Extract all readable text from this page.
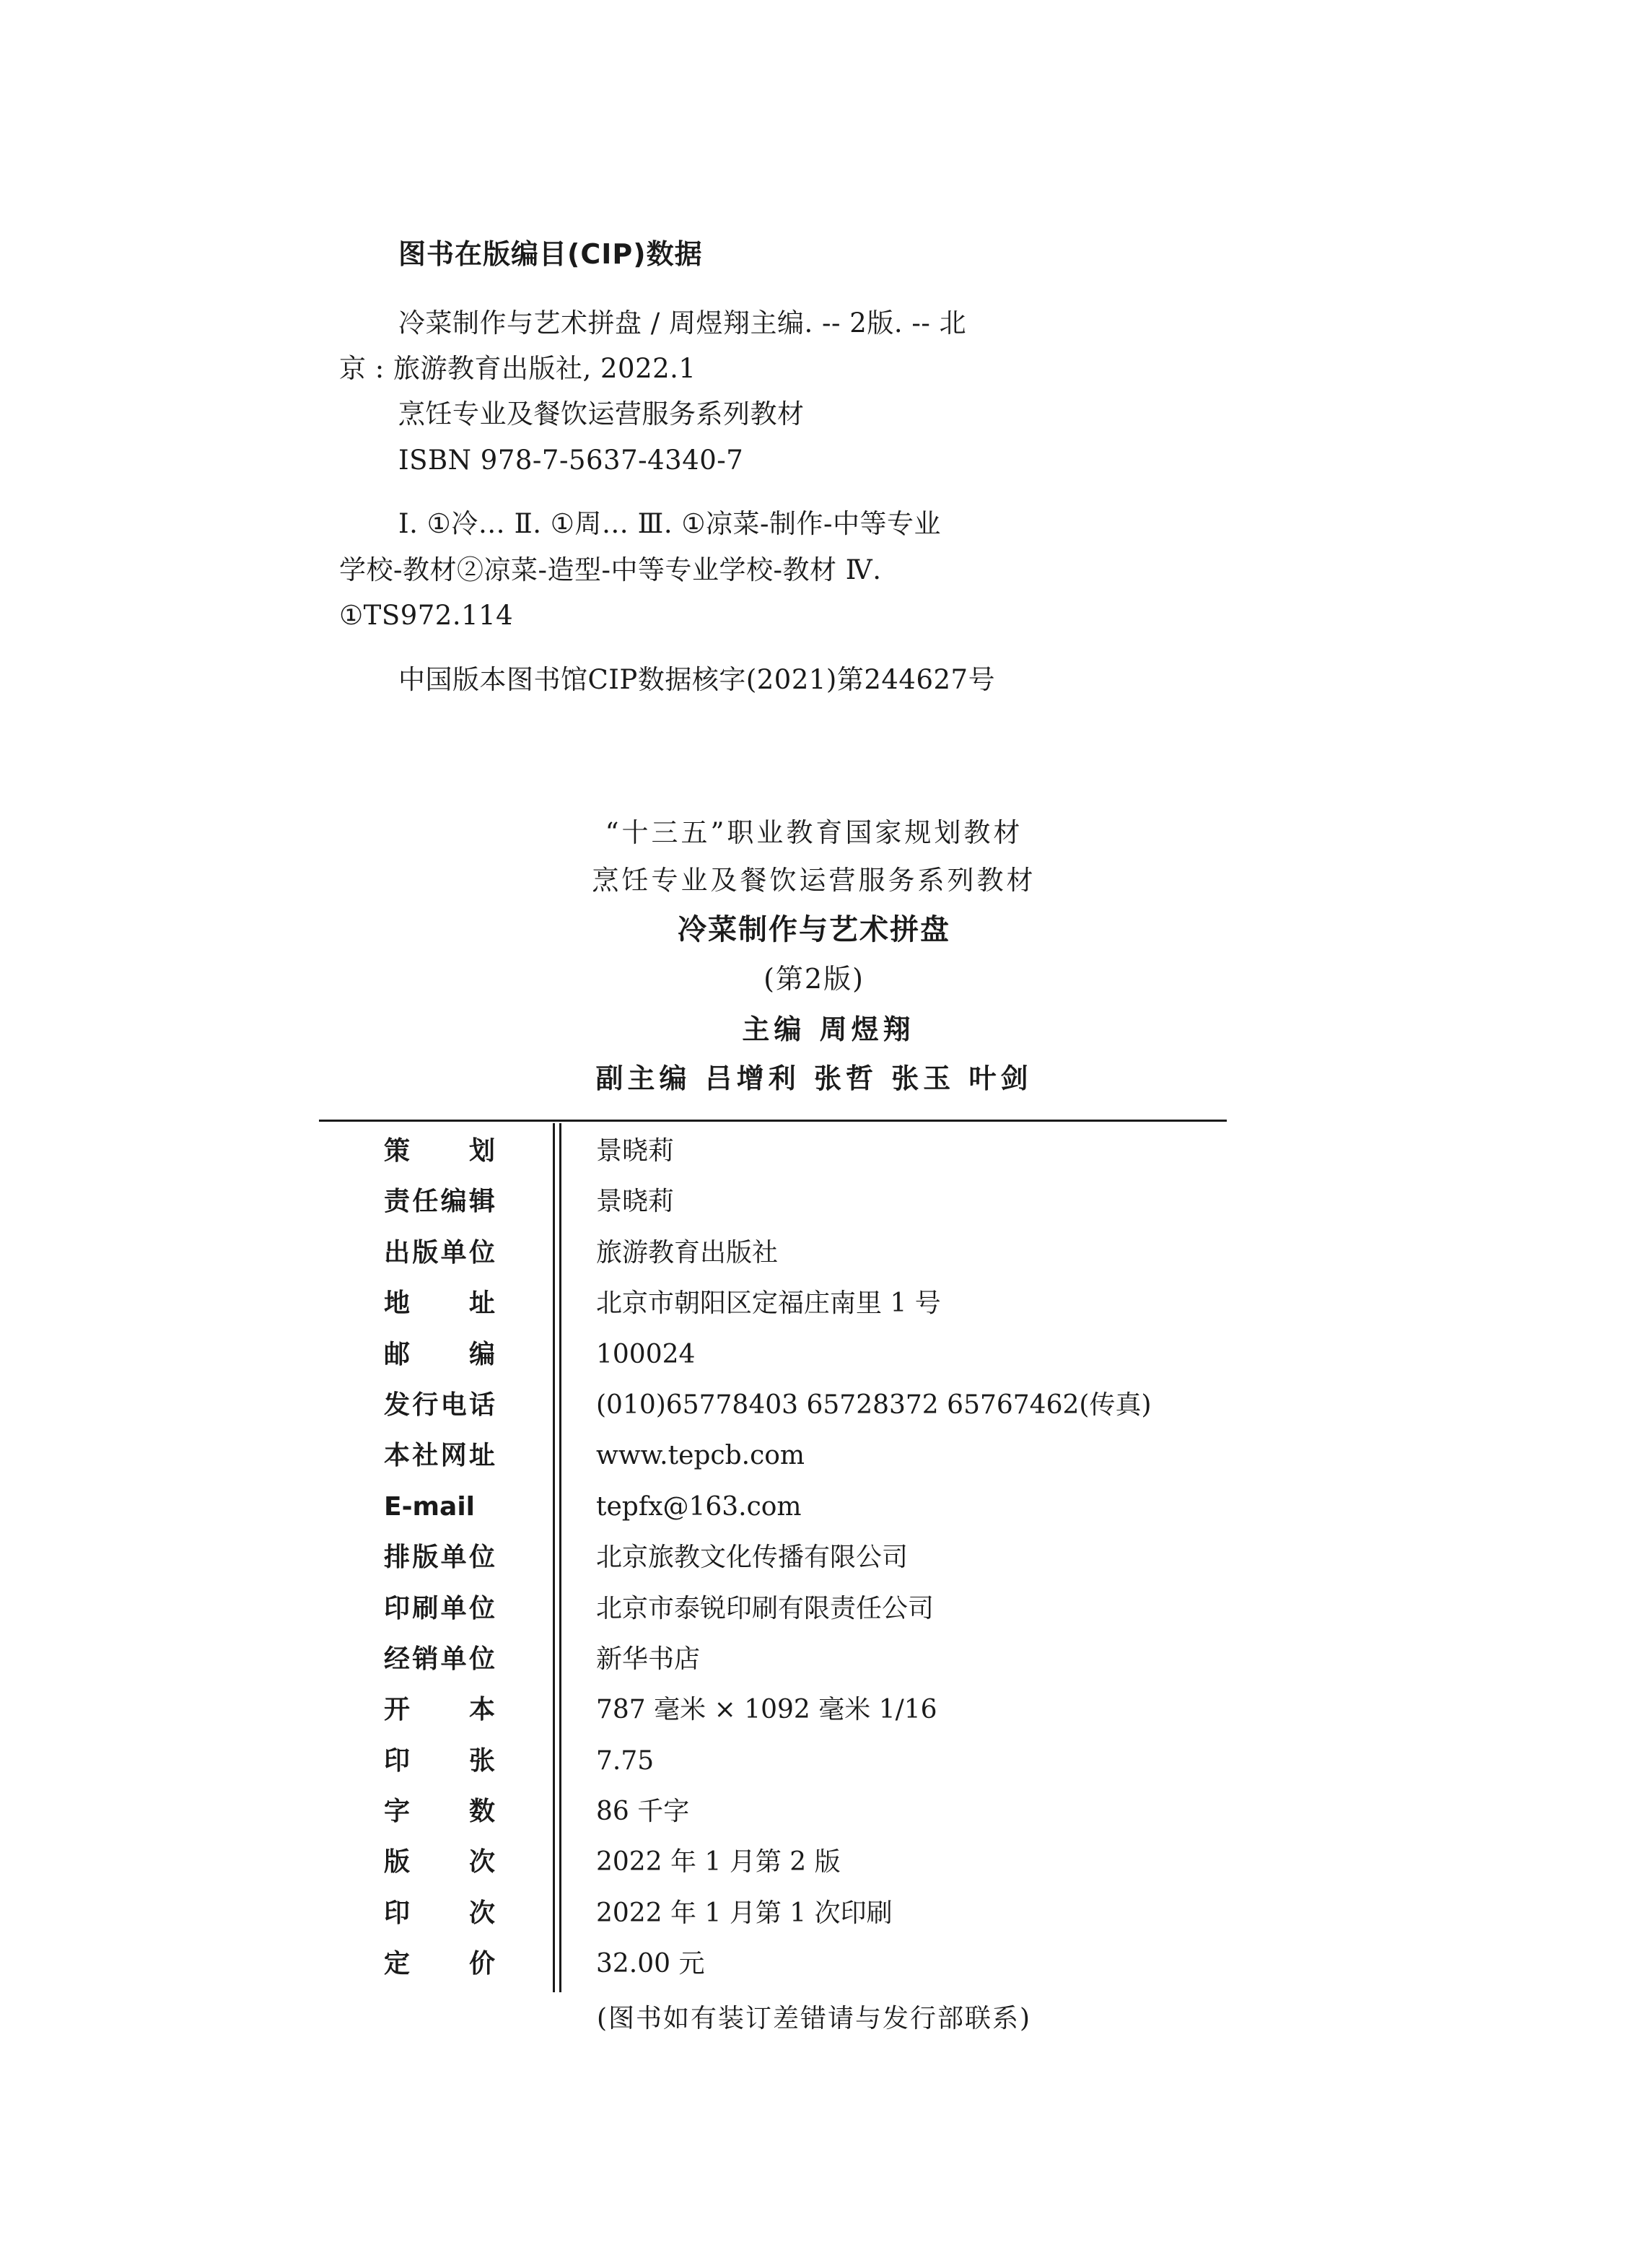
图书在版编目(CIP)数据
冷菜制作与艺术拼盘 / 周煜翔主编. -- 2版. -- 北
京 : 旅游教育出版社, 2022.1
烹饪专业及餐饮运营服务系列教材
ISBN 978-7-5637-4340-7
Ⅰ. ①冷… Ⅱ. ①周… Ⅲ. ①凉菜-制作-中等专业
学校-教材②凉菜-造型-中等专业学校-教材 Ⅳ.
①TS972.114
中国版本图书馆CIP数据核字(2021)第244627号
“十三五”职业教育国家规划教材
烹饪专业及餐饮运营服务系列教材
冷菜制作与艺术拼盘
(第2版)
主编 周煜翔
副主编 吕增利 张哲 张玉 叶剑
策划	景晓莉
责任编辑	景晓莉
出版单位	旅游教育出版社
地址	北京市朝阳区定福庄南里 1 号
邮编	100024
发行电话	(010)65778403 65728372 65767462(传真)
本社网址	www.tepcb.com
E-mail	tepfx@163.com
排版单位	北京旅教文化传播有限公司
印刷单位	北京市泰锐印刷有限责任公司
经销单位	新华书店
开本	787 毫米 × 1092 毫米 1/16
印张	7.75
字数	86 千字
版次	2022 年 1 月第 2 版
印次	2022 年 1 月第 1 次印刷
定价	32.00 元
(图书如有装订差错请与发行部联系)
